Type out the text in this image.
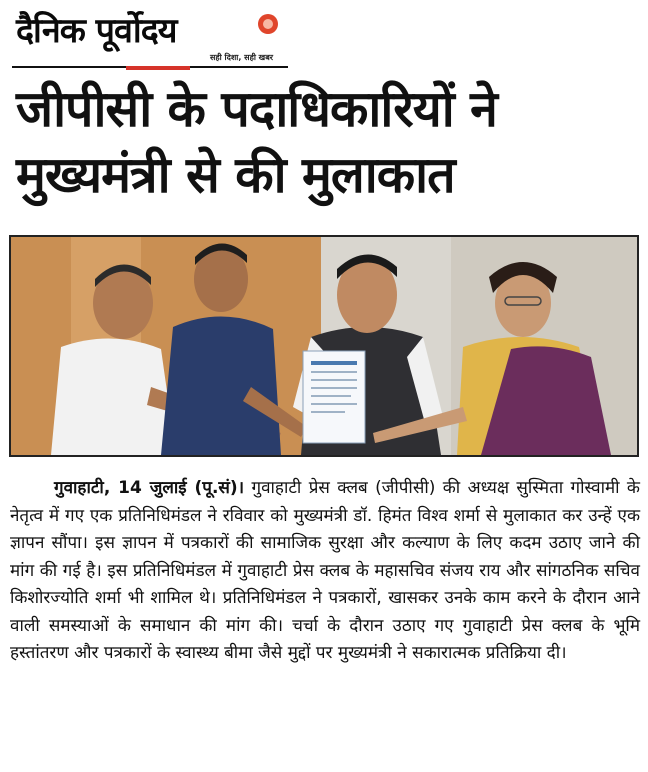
दैनिक पूर्वोदय
सही दिशा, सही खबर
जीपीसी के पदाधिकारियों ने
मुख्यमंत्री से की मुलाकात

गुवाहाटी, 14 जुलाई (पू.सं)। गुवाहाटी प्रेस क्लब (जीपीसी) की अध्यक्ष सुस्मिता गोस्वामी के नेतृत्व में गए एक प्रतिनिधिमंडल ने रविवार को मुख्यमंत्री डॉ. हिमंत विश्व शर्मा से मुलाकात कर उन्हें एक ज्ञापन सौंपा। इस ज्ञापन में पत्रकारों की सामाजिक सुरक्षा और कल्याण के लिए कदम उठाए जाने की मांग की गई है। इस प्रतिनिधिमंडल में गुवाहाटी प्रेस क्लब के महासचिव संजय राय और सांगठनिक सचिव किशोरज्योति शर्मा भी शामिल थे। प्रतिनिधिमंडल ने पत्रकारों, खासकर उनके काम करने के दौरान आने वाली समस्याओं के समाधान की मांग की। चर्चा के दौरान उठाए गए गुवाहाटी प्रेस क्लब के भूमि हस्तांतरण और पत्रकारों के स्वास्थ्य बीमा जैसे मुद्दों पर मुख्यमंत्री ने सकारात्मक प्रतिक्रिया दी।
